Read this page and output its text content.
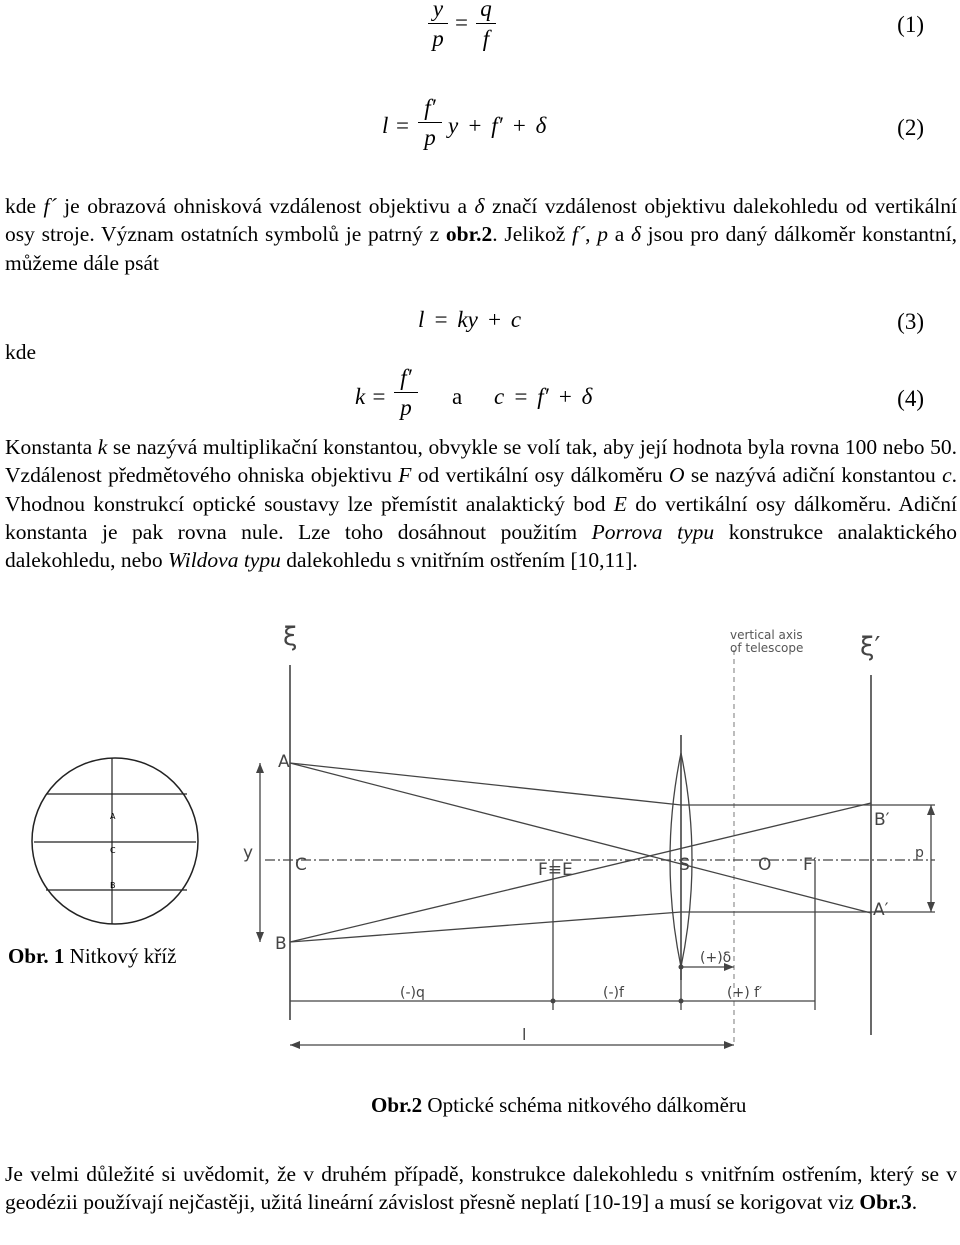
y
p
=
q
f
(1)
l =
f′
p y + f′ + δ	(2)
kde f´ je obrazová ohnisková vzdálenost objektivu a δ značí vzdálenost objektivu dalekohledu od vertikální osy stroje. Význam ostatních symbolů je patrný z obr.2. Jelikož f´, p a δ jsou pro daný dálkoměr konstantní, můžeme dále psát
l = ky + c	(3)
kde
k =
f′
p a c = f′ + δ	(4)
Konstanta k se nazývá multiplikační konstantou, obvykle se volí tak, aby její hodnota byla rovna 100 nebo 50. Vzdálenost předmětového ohniska objektivu F od vertikální osy dálkoměru O se nazývá adiční konstantou c. Vhodnou konstrukcí optické soustavy lze přemístit analaktický bod E do vertikální osy dálkoměru. Adiční konstanta je pak rovna nule. Lze toho dosáhnout použitím Porrova typu konstrukce analaktického dalekohledu, nebo Wildova typu dalekohledu s vnitřním ostřením [10,11].
A
C
B
Obr. 1 Nitkový kříž
ξ	ξ′
vertical axis
of telescope
A
B
C
y
F≡E	S	O F′
B′
A′
p
(+)δ
(-)q	(-)f	(+) f′
l
Obr.2 Optické schéma nitkového dálkoměru
Je velmi důležité si uvědomit, že v druhém případě, konstrukce dalekohledu s vnitřním ostřením, který se v geodézii používají nejčastěji, užitá lineární závislost přesně neplatí [10-19] a musí se korigovat viz Obr.3.
